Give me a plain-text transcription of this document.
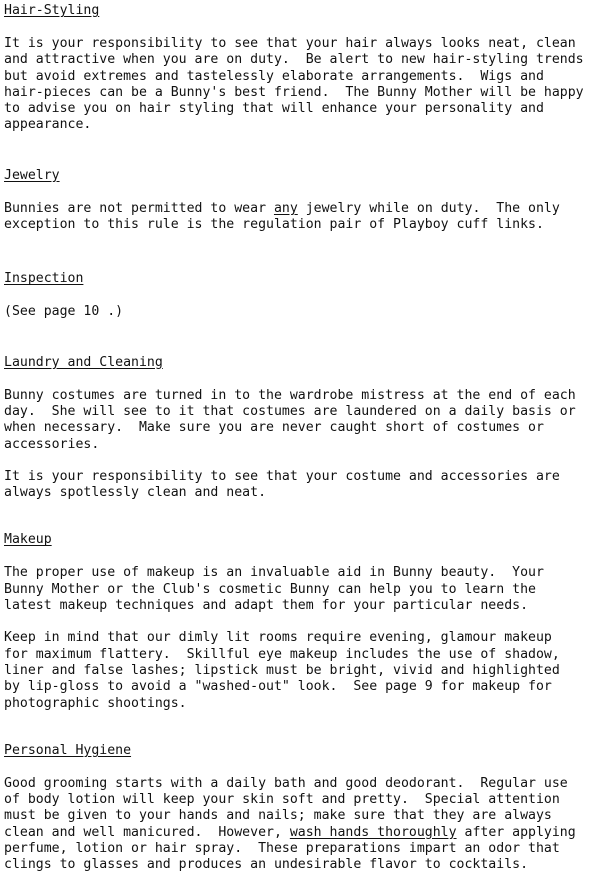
Hair-Styling
It is your responsibility to see that your hair always looks neat, clean
and attractive when you are on duty.  Be alert to new hair-styling trends
but avoid extremes and tastelessly elaborate arrangements.  Wigs and
hair-pieces can be a Bunny's best friend.  The Bunny Mother will be happy
to advise you on hair styling that will enhance your personality and
appearance.
Jewelry
Bunnies are not permitted to wear any jewelry while on duty.  The only
exception to this rule is the regulation pair of Playboy cuff links.
Inspection
(See page 10 .)
Laundry and Cleaning
Bunny costumes are turned in to the wardrobe mistress at the end of each
day.  She will see to it that costumes are laundered on a daily basis or
when necessary.  Make sure you are never caught short of costumes or
accessories.
It is your responsibility to see that your costume and accessories are
always spotlessly clean and neat.
Makeup
The proper use of makeup is an invaluable aid in Bunny beauty.  Your
Bunny Mother or the Club's cosmetic Bunny can help you to learn the
latest makeup techniques and adapt them for your particular needs.
Keep in mind that our dimly lit rooms require evening, glamour makeup
for maximum flattery.  Skillful eye makeup includes the use of shadow,
liner and false lashes; lipstick must be bright, vivid and highlighted
by lip-gloss to avoid a "washed-out" look.  See page 9 for makeup for
photographic shootings.
Personal Hygiene
Good grooming starts with a daily bath and good deodorant.  Regular use
of body lotion will keep your skin soft and pretty.  Special attention
must be given to your hands and nails; make sure that they are always
clean and well manicured.  However, wash hands thoroughly after applying
perfume, lotion or hair spray.  These preparations impart an odor that
clings to glasses and produces an undesirable flavor to cocktails.
